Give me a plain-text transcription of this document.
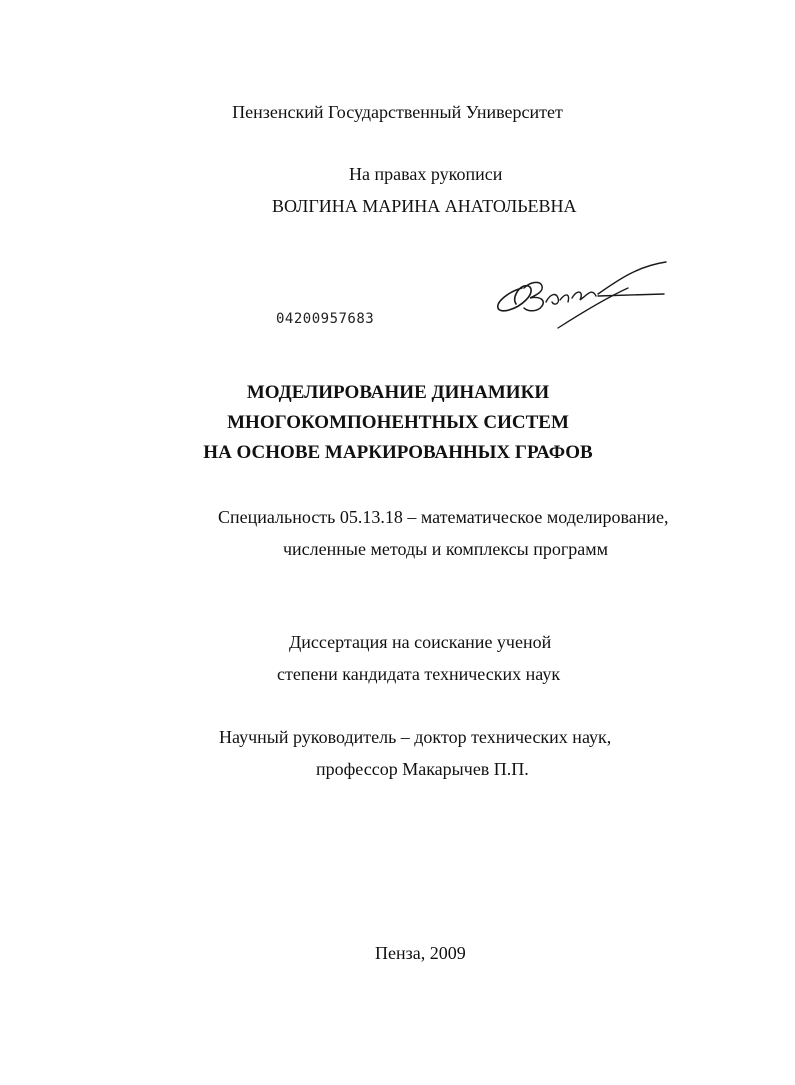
Пензенский Государственный Университет
На правах рукописи
ВОЛГИНА МАРИНА АНАТОЛЬЕВНА
04200957683
МОДЕЛИРОВАНИЕ ДИНАМИКИ
МНОГОКОМПОНЕНТНЫХ СИСТЕМ
НА ОСНОВЕ МАРКИРОВАННЫХ ГРАФОВ
Специальность 05.13.18 – математическое моделирование,
численные методы и комплексы программ
Диссертация на соискание ученой
степени кандидата технических наук
Научный руководитель – доктор технических наук,
профессор Макарычев П.П.
Пенза, 2009
